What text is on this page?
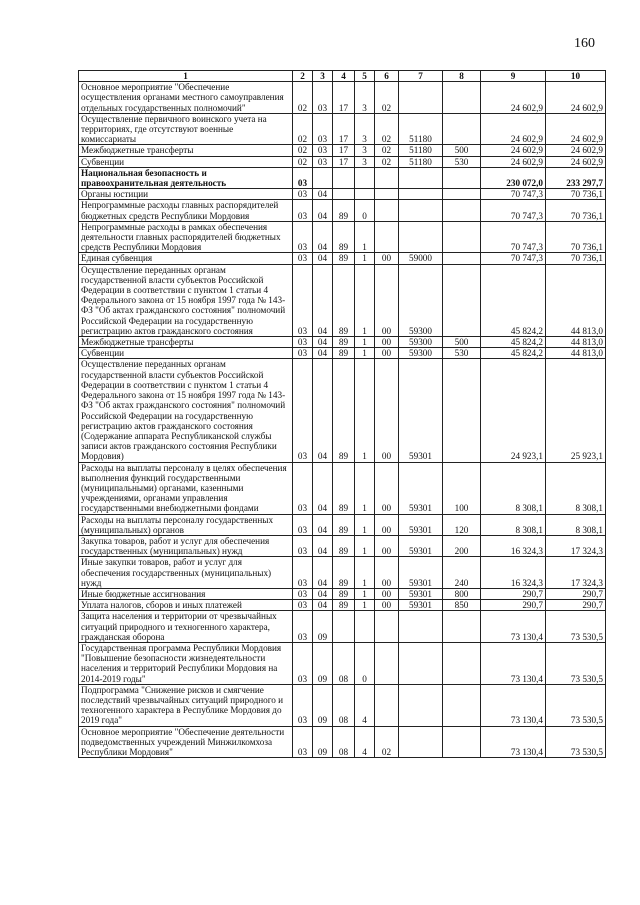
160
1	2	3	4	5	6	7	8	9	10
Основное мероприятие "Обеспечение осуществления органами местного самоуправления отдельных государственных полномочий"	02	03	17	3	02			24 602,9	24 602,9
Осуществление первичного воинского учета на территориях, где отсутствуют военные комиссариаты	02	03	17	3	02	51180		24 602,9	24 602,9
Межбюджетные трансферты	02	03	17	3	02	51180	500	24 602,9	24 602,9
Субвенции	02	03	17	3	02	51180	530	24 602,9	24 602,9
Национальная безопасность и правоохранительная деятельность	03							230 072,0	233 297,7
Органы юстиции	03	04						70 747,3	70 736,1
Непрограммные расходы главных распорядителей бюджетных средств Республики Мордовия	03	04	89	0				70 747,3	70 736,1
Непрограммные расходы в рамках обеспечения деятельности главных распорядителей бюджетных средств Республики Мордовия	03	04	89	1				70 747,3	70 736,1
Единая субвенция	03	04	89	1	00	59000		70 747,3	70 736,1
Осуществление переданных органам государственной власти субъектов Российской Федерации в соответствии с пунктом 1 статьи 4 Федерального закона от 15 ноября 1997 года № 143-ФЗ "Об актах гражданского состояния" полномочий Российской Федерации на государственную регистрацию актов гражданского состояния	03	04	89	1	00	59300		45 824,2	44 813,0
Межбюджетные трансферты	03	04	89	1	00	59300	500	45 824,2	44 813,0
Субвенции	03	04	89	1	00	59300	530	45 824,2	44 813,0
Осуществление переданных органам государственной власти субъектов Российской Федерации в соответствии с пунктом 1 статьи 4 Федерального закона от 15 ноября 1997 года № 143-ФЗ "Об актах гражданского состояния" полномочий Российской Федерации на государственную регистрацию актов гражданского состояния (Содержание аппарата Республиканской службы записи актов гражданского состояния Республики Мордовия)	03	04	89	1	00	59301		24 923,1	25 923,1
Расходы на выплаты персоналу в целях обеспечения выполнения функций государственными (муниципальными) органами, казенными учреждениями, органами управления государственными внебюджетными фондами	03	04	89	1	00	59301	100	8 308,1	8 308,1
Расходы на выплаты персоналу государственных (муниципальных) органов	03	04	89	1	00	59301	120	8 308,1	8 308,1
Закупка товаров, работ и услуг для обеспечения государственных (муниципальных) нужд	03	04	89	1	00	59301	200	16 324,3	17 324,3
Иные закупки товаров, работ и услуг для обеспечения государственных (муниципальных) нужд	03	04	89	1	00	59301	240	16 324,3	17 324,3
Иные бюджетные ассигнования	03	04	89	1	00	59301	800	290,7	290,7
Уплата налогов, сборов и иных платежей	03	04	89	1	00	59301	850	290,7	290,7
Защита населения и территории от чрезвычайных ситуаций природного и техногенного характера, гражданская оборона	03	09						73 130,4	73 530,5
Государственная программа Республики Мордовия "Повышение безопасности жизнедеятельности населения и территорий Республики Мордовия на 2014-2019 годы"	03	09	08	0				73 130,4	73 530,5
Подпрограмма "Снижение рисков и смягчение последствий чрезвычайных ситуаций природного и техногенного характера в Республике Мордовия до 2019 года"	03	09	08	4				73 130,4	73 530,5
Основное мероприятие "Обеспечение деятельности подведомственных учреждений Минжилкомхоза Республики Мордовия"	03	09	08	4	02			73 130,4	73 530,5
